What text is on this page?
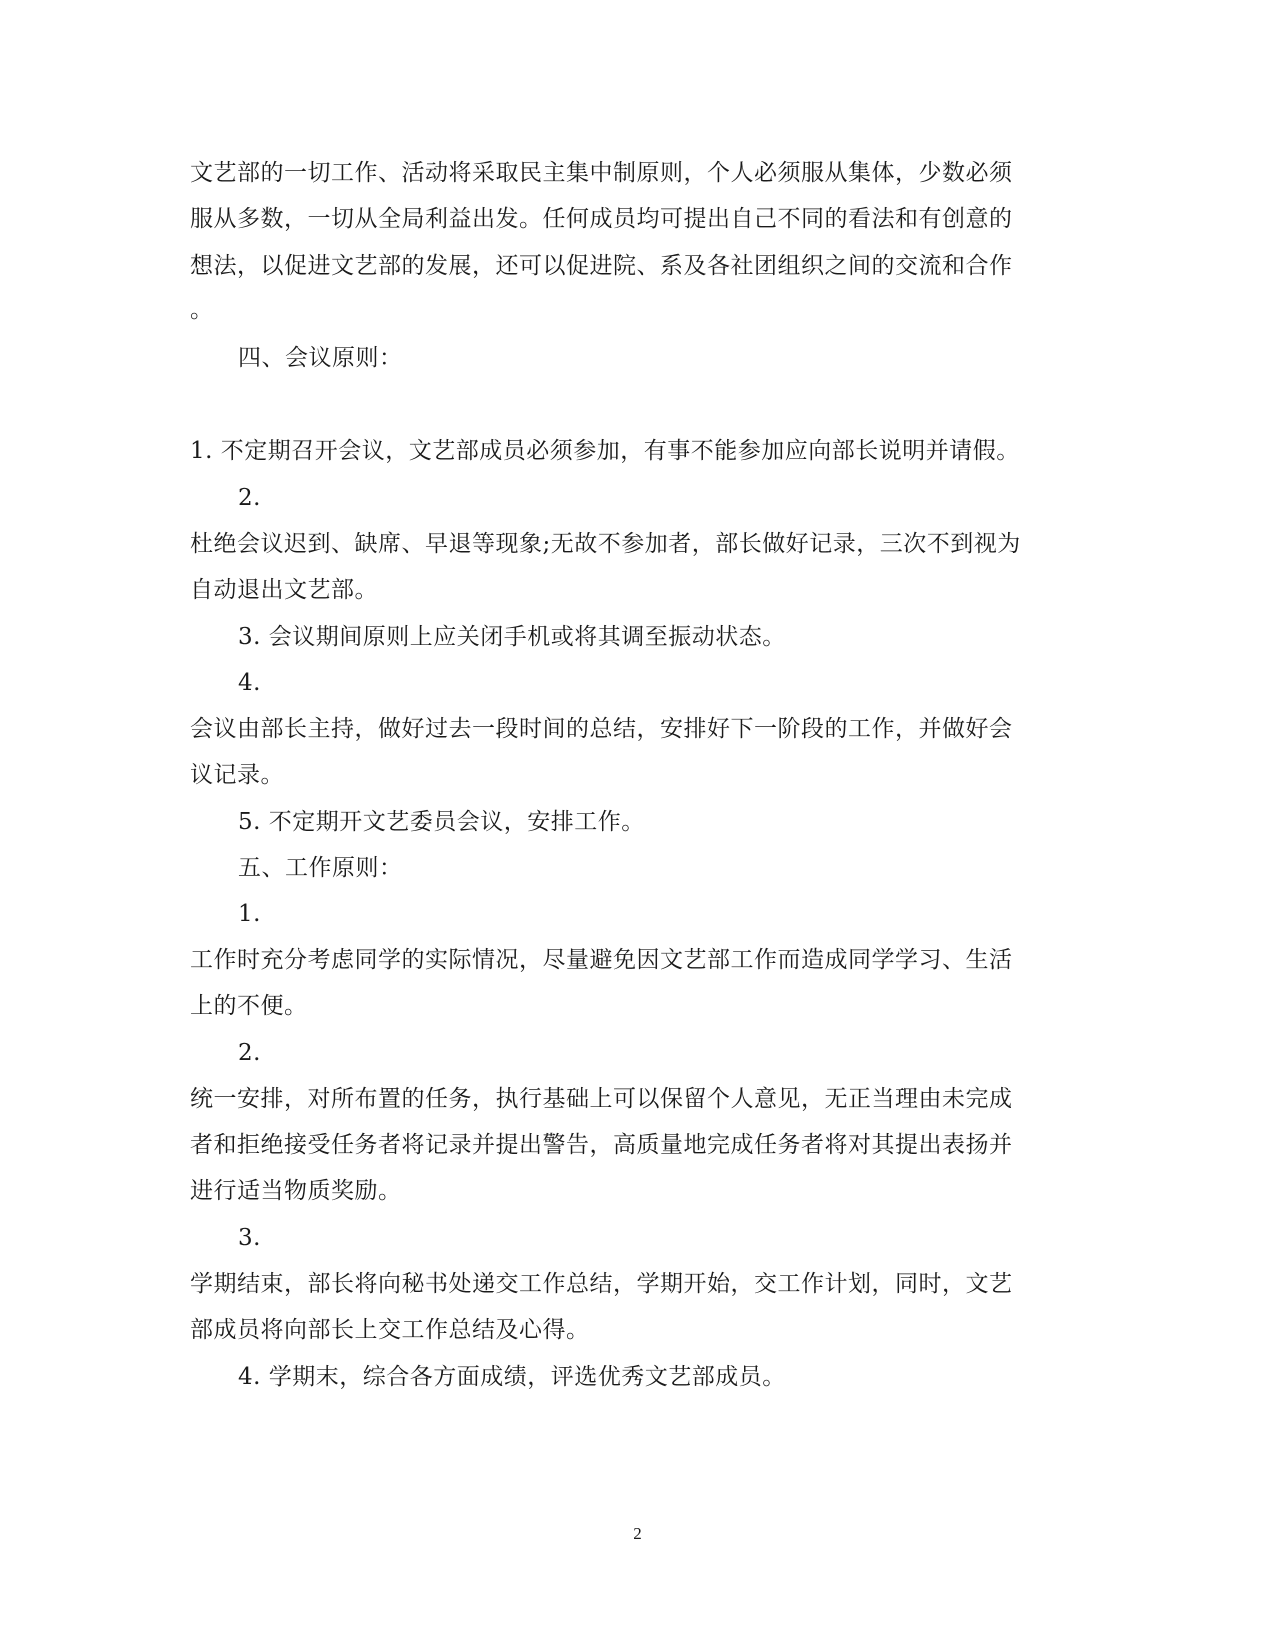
文艺部的一切工作、活动将采取民主集中制原则，个人必须服从集体，少数必须
服从多数，一切从全局利益出发。任何成员均可提出自己不同的看法和有创意的
想法，以促进文艺部的发展，还可以促进院、系及各社团组织之间的交流和合作
。
四、会议原则：
1. 不定期召开会议，文艺部成员必须参加，有事不能参加应向部长说明并请假。
2.
杜绝会议迟到、缺席、早退等现象;无故不参加者，部长做好记录，三次不到视为
自动退出文艺部。
3. 会议期间原则上应关闭手机或将其调至振动状态。
4.
会议由部长主持，做好过去一段时间的总结，安排好下一阶段的工作，并做好会
议记录。
5. 不定期开文艺委员会议，安排工作。
五、工作原则：
1.
工作时充分考虑同学的实际情况，尽量避免因文艺部工作而造成同学学习、生活
上的不便。
2.
统一安排，对所布置的任务，执行基础上可以保留个人意见，无正当理由未完成
者和拒绝接受任务者将记录并提出警告，高质量地完成任务者将对其提出表扬并
进行适当物质奖励。
3.
学期结束，部长将向秘书处递交工作总结，学期开始，交工作计划，同时，文艺
部成员将向部长上交工作总结及心得。
4. 学期末，综合各方面成绩，评选优秀文艺部成员。
2
